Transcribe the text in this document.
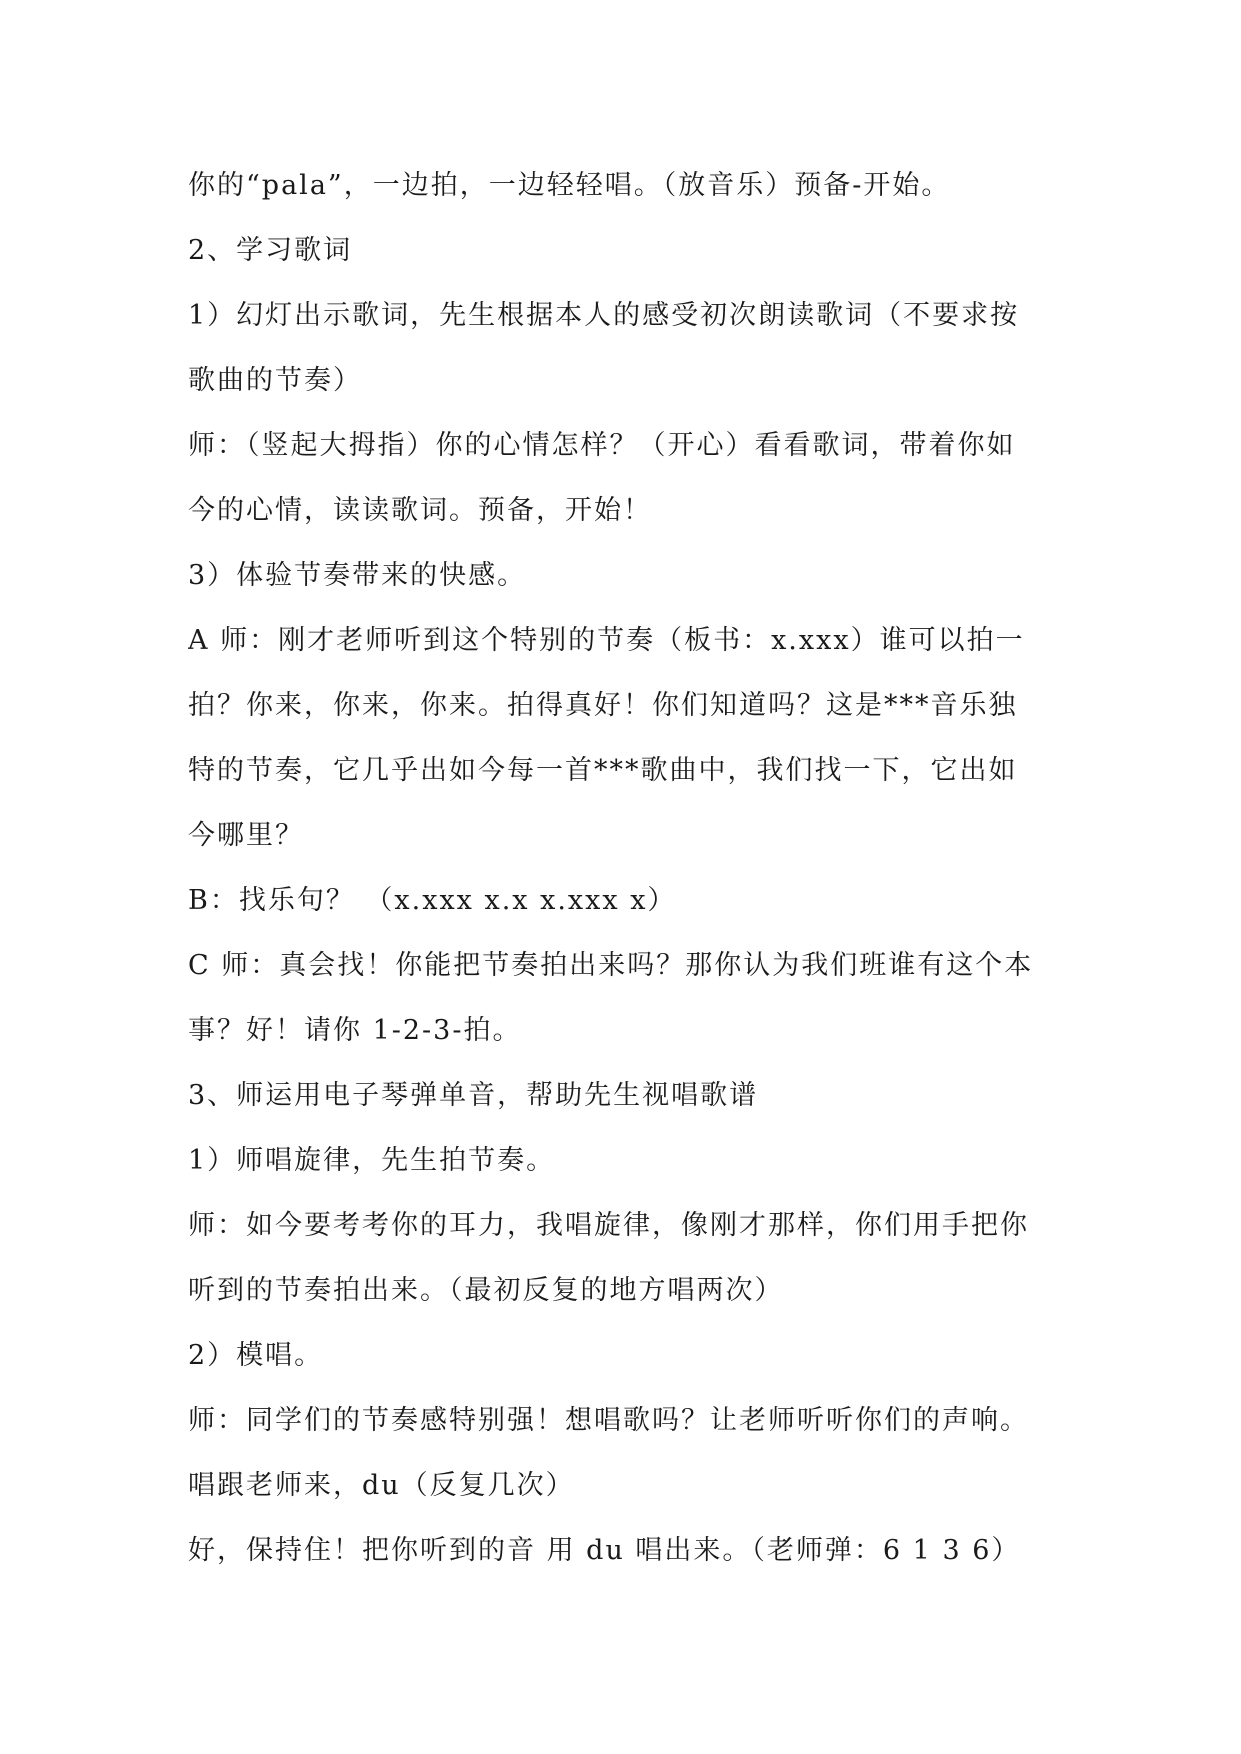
你的“pala”，一边拍，一边轻轻唱。（放音乐）预备-开始。
2、学习歌词
1）幻灯出示歌词，先生根据本人的感受初次朗读歌词（不要求按
歌曲的节奏）
师：（竖起大拇指）你的心情怎样？（开心）看看歌词，带着你如
今的心情，读读歌词。预备，开始！
3）体验节奏带来的快感。
A 师：刚才老师听到这个特别的节奏（板书：x.xxx）谁可以拍一
拍？你来，你来，你来。拍得真好！你们知道吗？这是***音乐独
特的节奏，它几乎出如今每一首***歌曲中，我们找一下，它出如
今哪里？
B：找乐句？ （x.xxx x.x x.xxx x）
C 师：真会找！你能把节奏拍出来吗？那你认为我们班谁有这个本
事？好！请你 1-2-3-拍。
3、师运用电子琴弹单音，帮助先生视唱歌谱
1）师唱旋律，先生拍节奏。
师：如今要考考你的耳力，我唱旋律，像刚才那样，你们用手把你
听到的节奏拍出来。（最初反复的地方唱两次）
2）模唱。
师：同学们的节奏感特别强！想唱歌吗？让老师听听你们的声响。
唱跟老师来，du（反复几次）
好，保持住！把你听到的音 用 du 唱出来。（老师弹：6 1 3 6）
